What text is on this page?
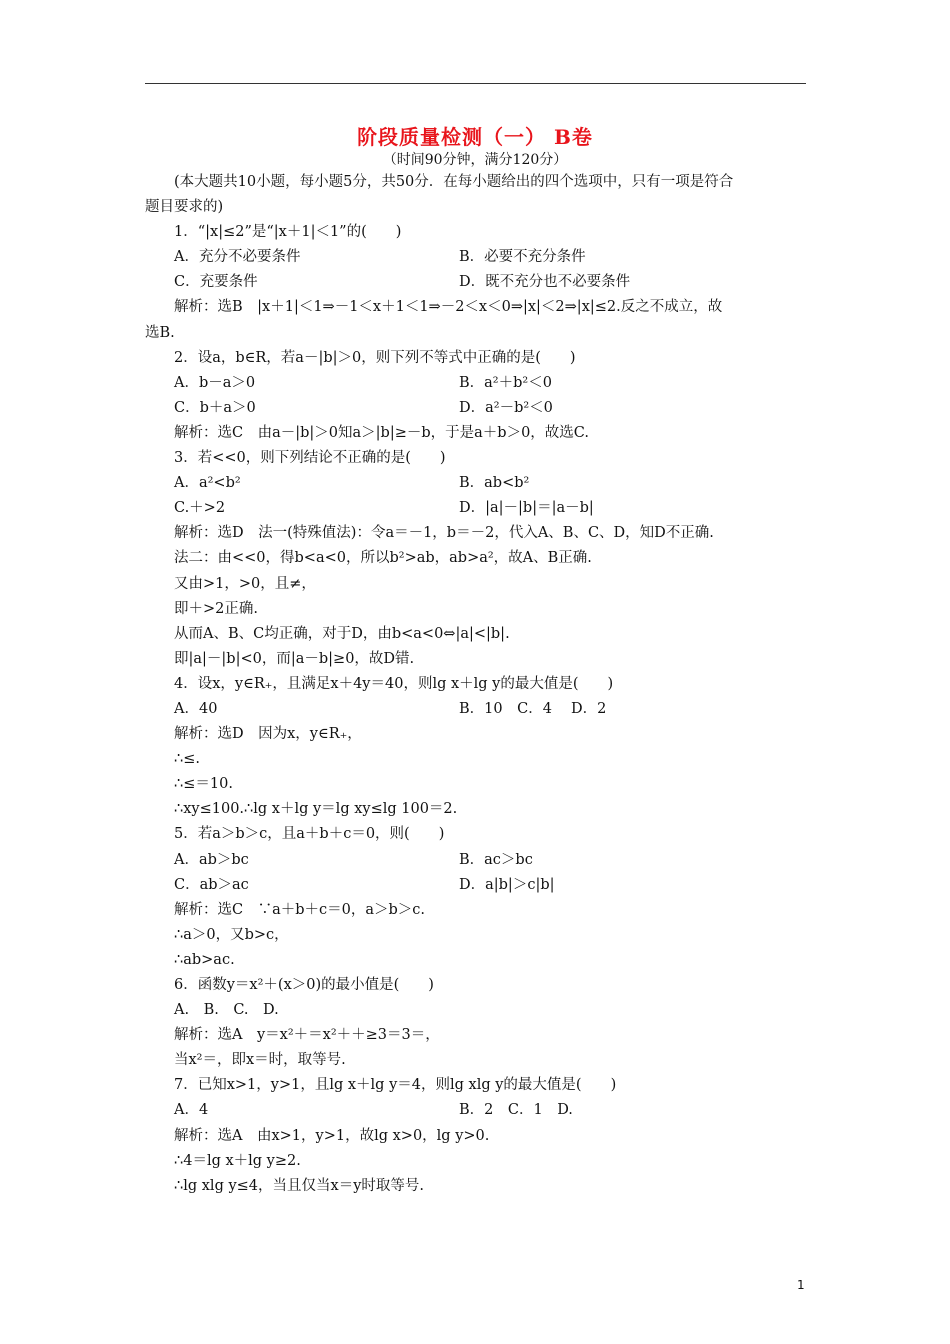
阶段质量检测（一） B卷
（时间90分钟，满分120分）
(本大题共10小题，每小题5分，共50分．在每小题给出的四个选项中，只有一项是符合
题目要求的)
1．“|x|≤2”是“|x＋1|＜1”的(　　)
A．充分不必要条件	B．必要不充分条件
C．充要条件	D．既不充分也不必要条件
解析：选B　|x＋1|＜1⇒－1＜x＋1＜1⇒－2＜x＜0⇒|x|＜2⇒|x|≤2.反之不成立，故
选B.
2．设a，b∈R，若a－|b|＞0，则下列不等式中正确的是(　　)
A．b－a＞0	B．a²＋b²＜0
C．b＋a＞0	D．a²－b²＜0
解析：选C　由a－|b|＞0知a＞|b|≥－b，于是a＋b＞0，故选C.
3．若<<0，则下列结论不正确的是(　　)
A．a²<b²	B．ab<b²
C.＋>2	D．|a|－|b|＝|a－b|
解析：选D　法一(特殊值法)：令a＝－1，b＝－2，代入A、B、C、D，知D不正确.
法二：由<<0，得b<a<0，所以b²>ab，ab>a²，故A、B正确.
又由>1，>0，且≠，
即＋>2正确.
从而A、B、C均正确，对于D，由b<a<0⇔|a|<|b|.
即|a|－|b|<0，而|a－b|≥0，故D错.
4．设x，y∈R₊，且满足x＋4y＝40，则lg x＋lg y的最大值是(　　)
A．40	B．10　C．4　 D．2
解析：选D　因为x，y∈R₊，
∴≤.
∴≤＝10.
∴xy≤100.∴lg x＋lg y＝lg xy≤lg 100＝2.
5．若a＞b＞c，且a＋b＋c＝0，则(　　)
A．ab＞bc	B．ac＞bc
C．ab＞ac	D．a|b|＞c|b|
解析：选C　∵a＋b＋c＝0，a＞b＞c.
∴a＞0，又b>c，
∴ab>ac.
6．函数y＝x²＋(x＞0)的最小值是(　　)
A.　B.　C.　D.
解析：选A　y＝x²＋＝x²＋＋≥3＝3＝，
当x²＝，即x＝时，取等号.
7．已知x>1，y>1，且lg x＋lg y＝4，则lg xlg y的最大值是(　　)
A．4	B．2　C．1　D.
解析：选A　由x>1，y>1，故lg x>0，lg y>0.
∴4＝lg x＋lg y≥2.
∴lg xlg y≤4，当且仅当x＝y时取等号.
1
